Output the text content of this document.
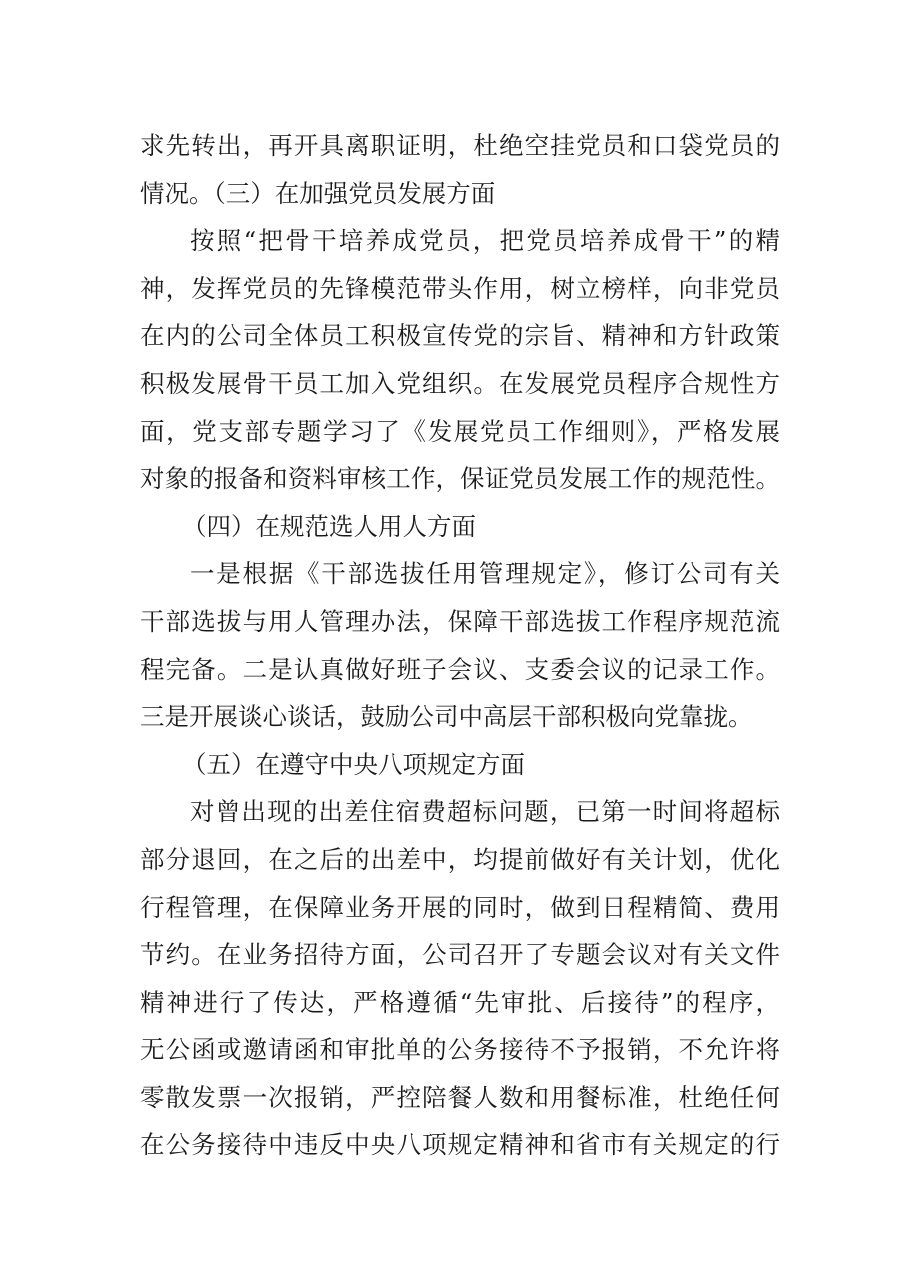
求先转出，再开具离职证明，杜绝空挂党员和口袋党员的
情况。（三）在加强党员发展方面
按照“把骨干培养成党员，把党员培养成骨干”的精
神，发挥党员的先锋模范带头作用，树立榜样，向非党员
在内的公司全体员工积极宣传党的宗旨、精神和方针政策
积极发展骨干员工加入党组织。在发展党员程序合规性方
面，党支部专题学习了《发展党员工作细则》，严格发展
对象的报备和资料审核工作，保证党员发展工作的规范性。
（四）在规范选人用人方面
一是根据《干部选拔任用管理规定》，修订公司有关
干部选拔与用人管理办法，保障干部选拔工作程序规范流
程完备。二是认真做好班子会议、支委会议的记录工作。
三是开展谈心谈话，鼓励公司中高层干部积极向党靠拢。
（五）在遵守中央八项规定方面
对曾出现的出差住宿费超标问题，已第一时间将超标
部分退回，在之后的出差中，均提前做好有关计划，优化
行程管理，在保障业务开展的同时，做到日程精简、费用
节约。在业务招待方面，公司召开了专题会议对有关文件
精神进行了传达，严格遵循“先审批、后接待”的程序，
无公函或邀请函和审批单的公务接待不予报销，不允许将
零散发票一次报销，严控陪餐人数和用餐标准，杜绝任何
在公务接待中违反中央八项规定精神和省市有关规定的行
